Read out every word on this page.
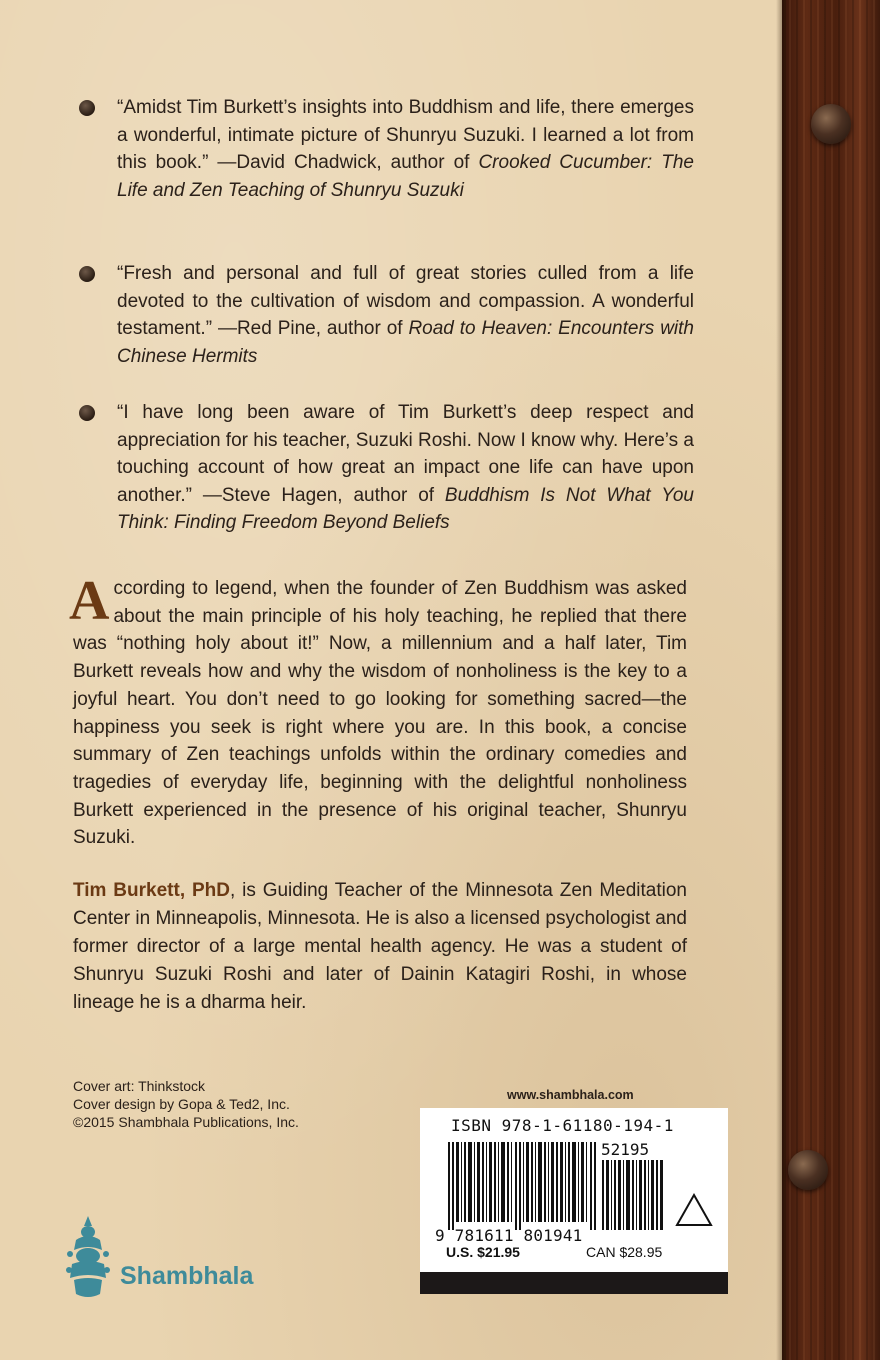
“Amidst Tim Burkett’s insights into Buddhism and life, there emerges a wonderful, intimate picture of Shunryu Suzuki. I learned a lot from this book.” —David Chadwick, author of Crooked Cucumber: The Life and Zen Teaching of Shunryu Suzuki
“Fresh and personal and full of great stories culled from a life devoted to the cultivation of wisdom and compassion. A wonderful testament.” —Red Pine, author of Road to Heaven: Encounters with Chinese Hermits
“I have long been aware of Tim Burkett’s deep respect and appreciation for his teacher, Suzuki Roshi. Now I know why. Here’s a touching account of how great an impact one life can have upon another.” —Steve Hagen, author of Buddhism Is Not What You Think: Finding Freedom Beyond Beliefs
According to legend, when the founder of Zen Buddhism was asked about the main principle of his holy teaching, he replied that there was “nothing holy about it!” Now, a millennium and a half later, Tim Burkett reveals how and why the wisdom of nonholiness is the key to a joyful heart. You don’t need to go looking for something sacred—the happiness you seek is right where you are. In this book, a concise summary of Zen teachings unfolds within the ordinary comedies and tragedies of everyday life, beginning with the delightful nonholiness Burkett experienced in the presence of his original teacher, Shunryu Suzuki.
Tim Burkett, PhD, is Guiding Teacher of the Minnesota Zen Meditation Center in Minneapolis, Minnesota. He is also a licensed psychologist and former director of a large mental health agency. He was a student of Shunryu Suzuki Roshi and later of Dainin Katagiri Roshi, in whose lineage he is a dharma heir.
Cover art: Thinkstock
Cover design by Gopa & Ted2, Inc.
©2015 Shambhala Publications, Inc.
www.shambhala.com
ISBN 978-1-61180-194-1
52195
9 781611 801941
U.S. $21.95	CAN $28.95
Shambhala
